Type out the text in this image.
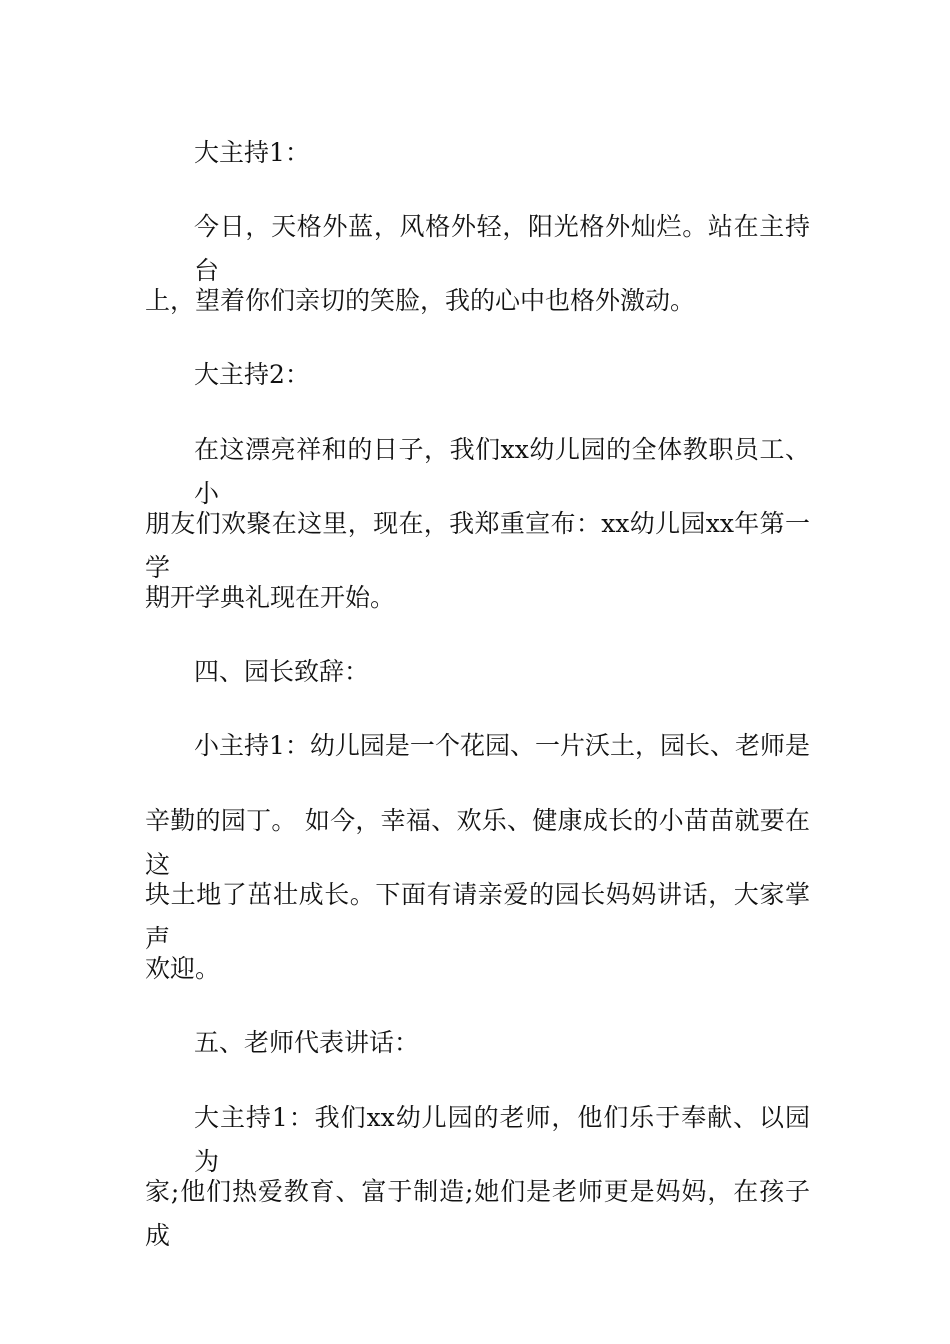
大主持1：
今日，天格外蓝，风格外轻，阳光格外灿烂。站在主持台
上，望着你们亲切的笑脸，我的心中也格外激动。
大主持2：
在这漂亮祥和的日子，我们xx幼儿园的全体教职员工、小
朋友们欢聚在这里，现在，我郑重宣布：xx幼儿园xx年第一学
期开学典礼现在开始。
四、园长致辞：
小主持1：幼儿园是一个花园、一片沃土，园长、老师是
辛勤的园丁。 如今，幸福、欢乐、健康成长的小苗苗就要在这
块土地了茁壮成长。下面有请亲爱的园长妈妈讲话，大家掌声
欢迎。
五、老师代表讲话：
大主持1：我们xx幼儿园的老师，他们乐于奉献、以园为
家;他们热爱教育、富于制造;她们是老师更是妈妈，在孩子成
